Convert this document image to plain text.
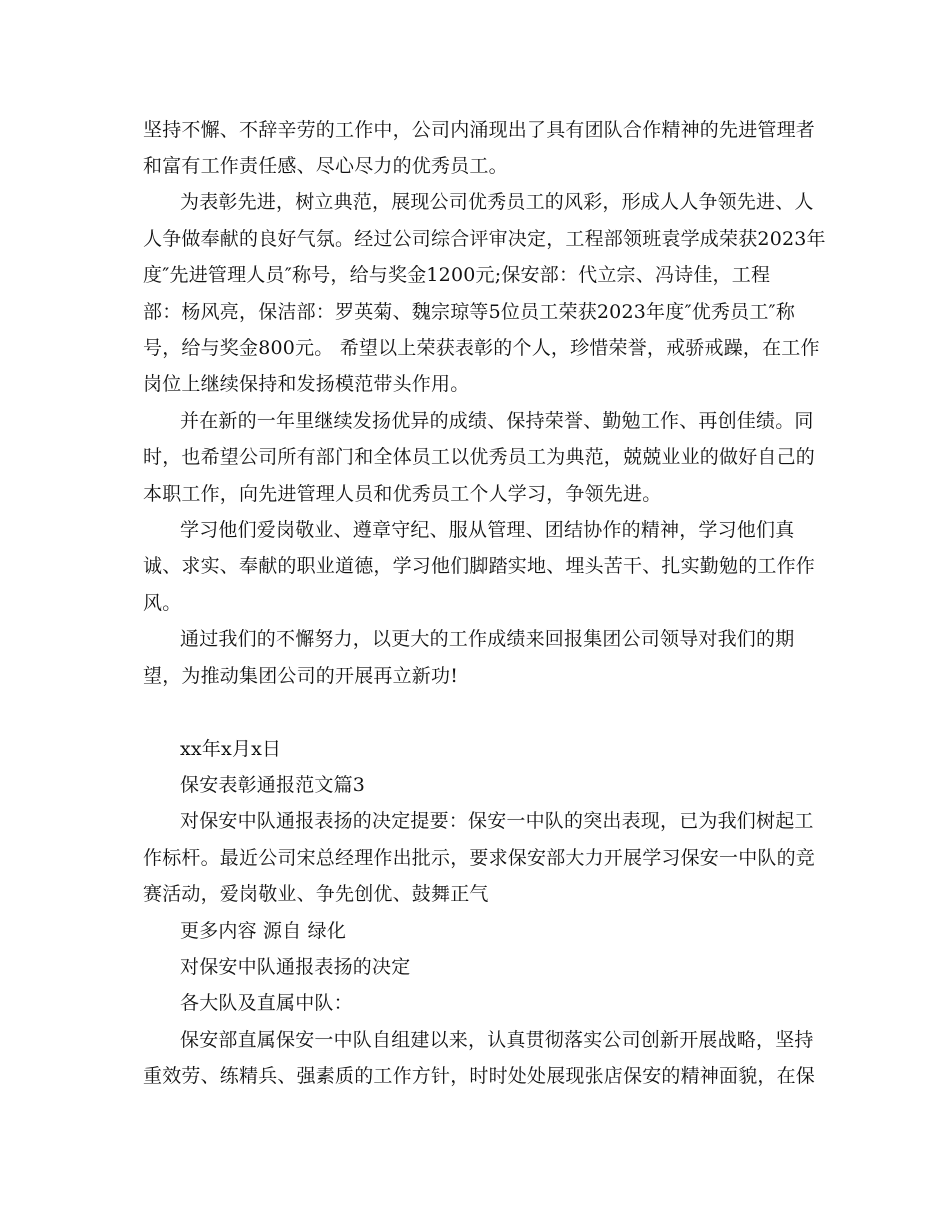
坚持不懈、不辞辛劳的工作中，公司内涌现出了具有团队合作精神的先进管理者
和富有工作责任感、尽心尽力的优秀员工。
为表彰先进，树立典范，展现公司优秀员工的风彩，形成人人争领先进、人
人争做奉献的良好气氛。经过公司综合评审决定，工程部领班袁学成荣获2023年
度″先进管理人员″称号，给与奖金1200元;保安部：代立宗、冯诗佳，工程
部：杨风亮，保洁部：罗英菊、魏宗琼等5位员工荣获2023年度″优秀员工″称
号，给与奖金800元。 希望以上荣获表彰的个人，珍惜荣誉，戒骄戒躁，在工作
岗位上继续保持和发扬模范带头作用。
并在新的一年里继续发扬优异的成绩、保持荣誉、勤勉工作、再创佳绩。同
时，也希望公司所有部门和全体员工以优秀员工为典范，兢兢业业的做好自己的
本职工作，向先进管理人员和优秀员工个人学习，争领先进。
学习他们爱岗敬业、遵章守纪、服从管理、团结协作的精神，学习他们真
诚、求实、奉献的职业道德，学习他们脚踏实地、埋头苦干、扎实勤勉的工作作
风。
通过我们的不懈努力，以更大的工作成绩来回报集团公司领导对我们的期
望，为推动集团公司的开展再立新功!
xx年x月x日
保安表彰通报范文篇3
对保安中队通报表扬的决定提要：保安一中队的突出表现，已为我们树起工
作标杆。最近公司宋总经理作出批示，要求保安部大力开展学习保安一中队的竞
赛活动，爱岗敬业、争先创优、鼓舞正气
更多内容 源自 绿化
对保安中队通报表扬的决定
各大队及直属中队：
保安部直属保安一中队自组建以来，认真贯彻落实公司创新开展战略，坚持
重效劳、练精兵、强素质的工作方针，时时处处展现张店保安的精神面貌，在保
